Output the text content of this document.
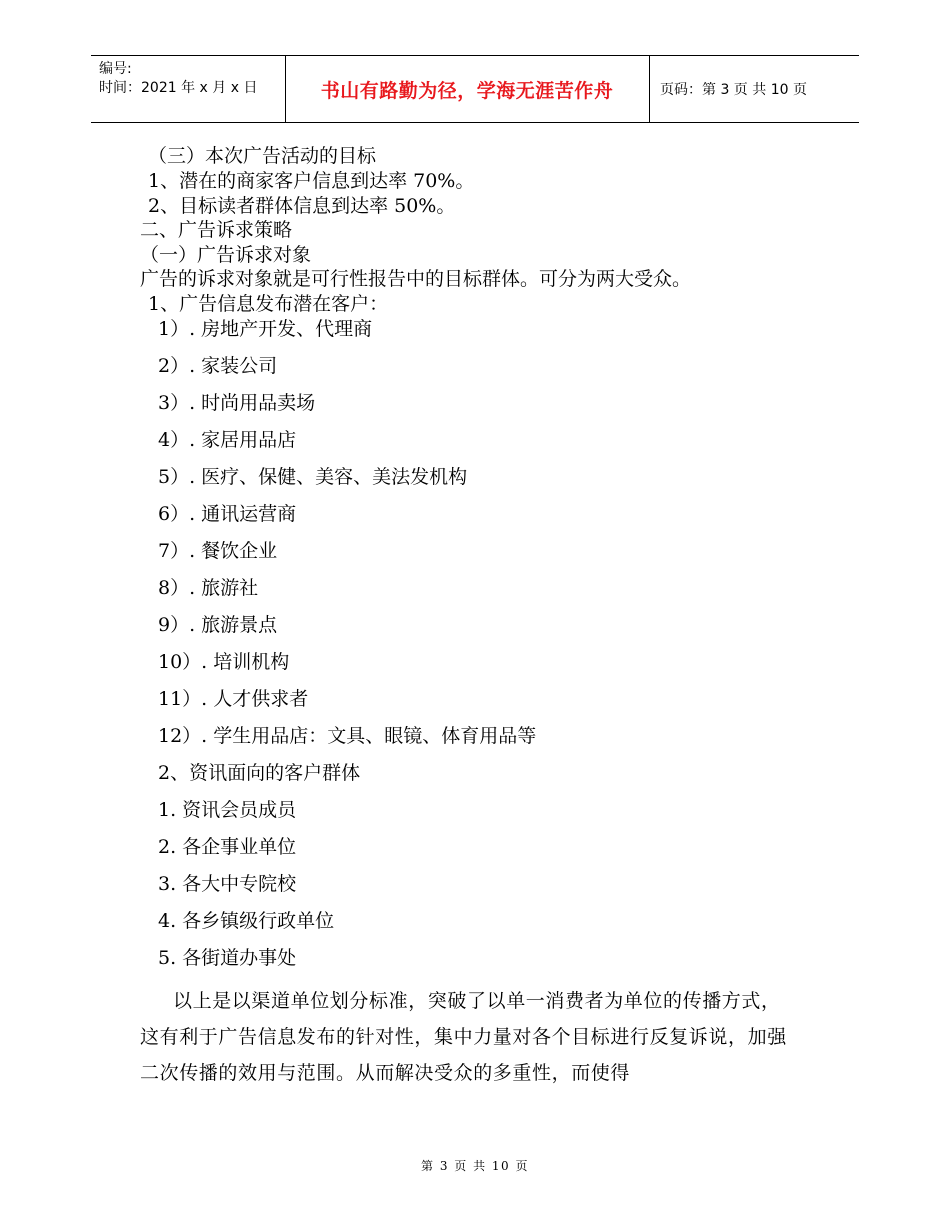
编号:
时间：2021 年 x 月 x 日	书山有路勤为径，学海无涯苦作舟	页码：第 3 页 共 10 页
（三）本次广告活动的目标
1、潜在的商家客户信息到达率 70%。
2、目标读者群体信息到达率 50%。
二、广告诉求策略
（一）广告诉求对象
广告的诉求对象就是可行性报告中的目标群体。可分为两大受众。
1、广告信息发布潜在客户：
1）. 房地产开发、代理商
2）. 家装公司
3）. 时尚用品卖场
4）. 家居用品店
5）. 医疗、保健、美容、美法发机构
6）. 通讯运营商
7）. 餐饮企业
8）. 旅游社
9）. 旅游景点
10）. 培训机构
11）. 人才供求者
12）. 学生用品店：文具、眼镜、体育用品等
2、资讯面向的客户群体
1. 资讯会员成员
2. 各企事业单位
3. 各大中专院校
4. 各乡镇级行政单位
5. 各街道办事处
以上是以渠道单位划分标准，突破了以单一消费者为单位的传播方式，这有利于广告信息发布的针对性，集中力量对各个目标进行反复诉说，加强二次传播的效用与范围。从而解决受众的多重性，而使得
第 3 页 共 10 页
